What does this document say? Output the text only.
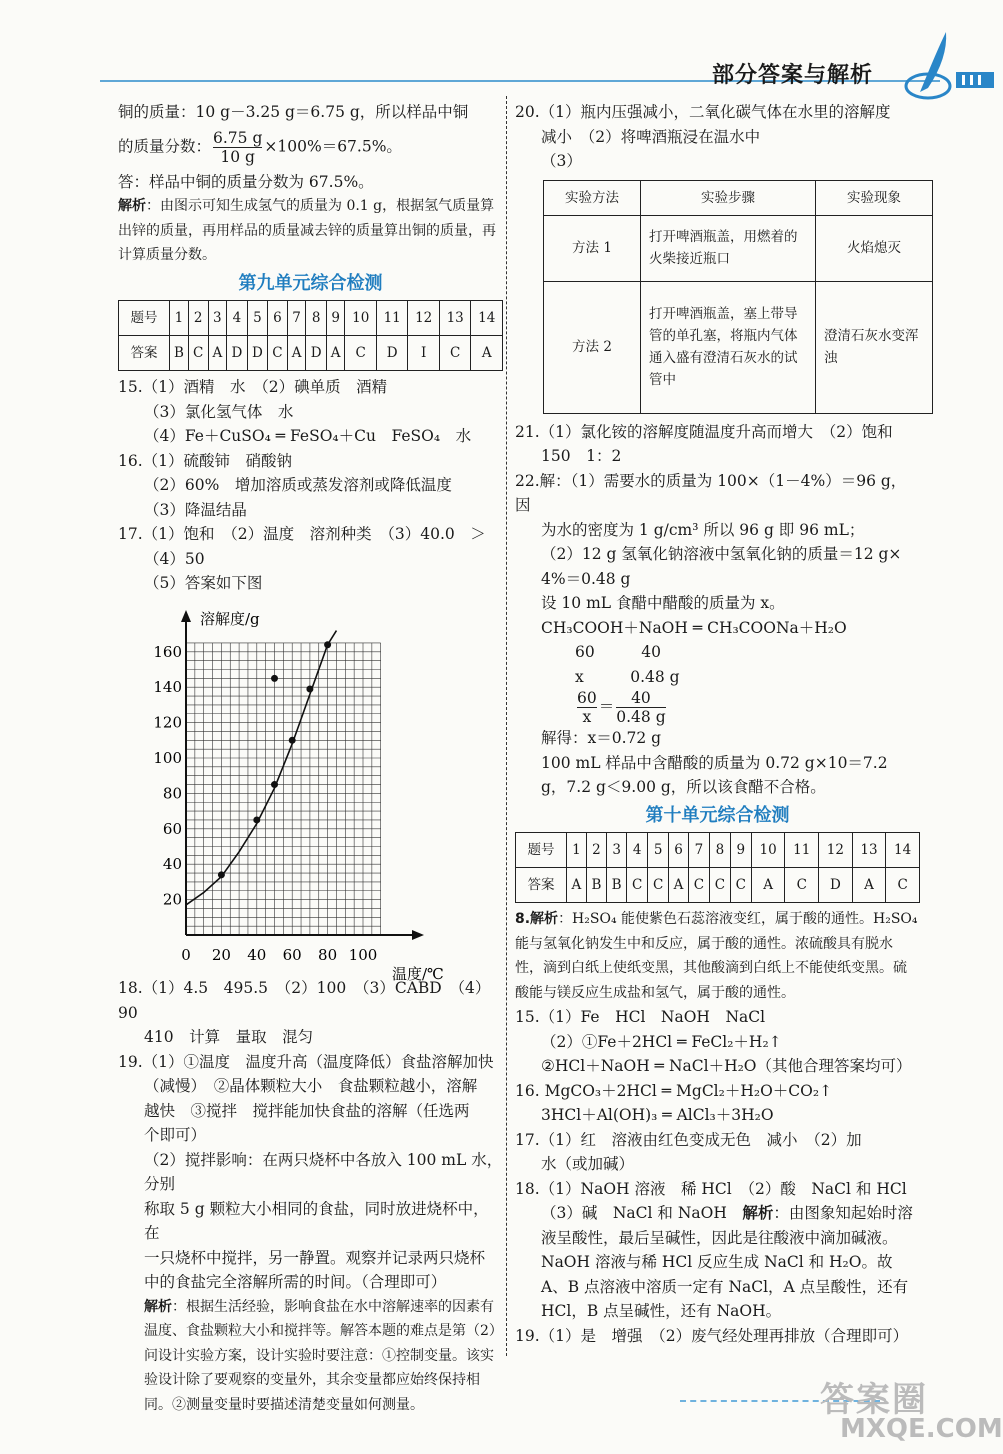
部分答案与解析

铜的质量：10 g－3.25 g＝6.75 g，所以样品中铜

的质量分数： $\frac{6.75 g}{10 g} \times 100\%=67.5\%$。

答：样品中铜的质量分数为 67.5%。

解析：由图示可知生成氢气的质量为 0.1 g，根据氢气质量算出锌的质量，再用样品的质量减去锌的质量算出铜的质量，再计算质量分数。

第九单元综合检测
题号	1	2	3	4	5	6	7	8	9	10	11	12	13	14
答案	B	C	A	D	D	C	A	D	A	C	D	I	C	A

15.（1）酒精　水　（2）碘单质　酒精

（3）氯化氢气体　水

（4）Fe＋CuSO₄ ═ FeSO₄＋Cu　FeSO₄　水

16.（1）硫酸铈　硝酸钠

（2）60%　增加溶质或蒸发溶剂或降低温度

（3）降温结晶

17.（1）饱和　（2）温度　溶剂种类　（3）40.0　＞

（4）50

（5）答案如下图

0 20 40 60 80 100
20
40
60
80
100
120
140
160
溶解度/g
温度/℃

18.（1）4.5　495.5　（2）100　（3）CABD　（4）90

410　计算　量取　混匀

19.（1）①温度　温度升高（温度降低）食盐溶解加快

（减慢）　②晶体颗粒大小　食盐颗粒越小，溶解

越快　③搅拌　搅拌能加快食盐的溶解（任选两

个即可）

（2）搅拌影响：在两只烧杯中各放入 100 mL 水，分别

称取 5 g 颗粒大小相同的食盐，同时放进烧杯中，在

一只烧杯中搅拌，另一静置。观察并记录两只烧杯

中的食盐完全溶解所需的时间。（合理即可）

解析：根据生活经验，影响食盐在水中溶解速率的因素有温度、食盐颗粒大小和搅拌等。解答本题的难点是第（2）问设计实验方案，设计实验时要注意：①控制变量。该实验设计除了要观察的变量外，其余变量都应始终保持相同。②测量变量时要描述清楚变量如何测量。

20.（1）瓶内压强减小，二氧化碳气体在水里的溶解度

减小　（2）将啤酒瓶浸在温水中

（3）

实验方法	实验步骤	实验现象
方法 1	打开啤酒瓶盖，用燃着的火柴接近瓶口	火焰熄灭
方法 2	打开啤酒瓶盖，塞上带导管的单孔塞，将瓶内气体通入盛有澄清石灰水的试管中	澄清石灰水变浑浊

21.（1）氯化铵的溶解度随温度升高而增大　（2）饱和

150　1：2

22.解：（1）需要水的质量为 100×（1－4%）＝96 g，因

为水的密度为 1 g/cm³ 所以 96 g 即 96 mL；

（2）12 g 氢氧化钠溶液中氢氧化钠的质量＝12 g×

4%＝0.48 g

设 10 mL 食醋中醋酸的质量为 x。

CH₃COOH＋NaOH ═ CH₃COONa＋H₂O

60　　　40

x　　　0.48 g

$\frac{60}{x} = \frac{40}{0.48 g}$

解得：x＝0.72 g

100 mL 样品中含醋酸的质量为 0.72 g×10＝7.2

g，7.2 g＜9.00 g，所以该食醋不合格。

第十单元综合检测
题号	1	2	3	4	5	6	7	8	9	10	11	12	13	14
答案	A	B	B	C	C	A	C	C	C	A	C	D	A	C

8.解析：H₂SO₄ 能使紫色石蕊溶液变红，属于酸的通性。H₂SO₄ 能与氢氧化钠发生中和反应，属于酸的通性。浓硫酸具有脱水性，滴到白纸上使纸变黑，其他酸滴到白纸上不能使纸变黑。硫酸能与镁反应生成盐和氢气，属于酸的通性。

15.（1）Fe　HCl　NaOH　NaCl

（2）①Fe＋2HCl ═ FeCl₂＋H₂↑

②HCl＋NaOH ═ NaCl＋H₂O（其他合理答案均可）

16. MgCO₃＋2HCl ═ MgCl₂＋H₂O＋CO₂↑

3HCl＋Al(OH)₃ ═ AlCl₃＋3H₂O

17.（1）红　溶液由红色变成无色　减小　（2）加

水（或加碱）

18.（1）NaOH 溶液　稀 HCl　（2）酸　NaCl 和 HCl

（3）碱　NaCl 和 NaOH　 解析：由图象知起始时溶液呈酸性，最后呈碱性，因此是往酸液中滴加碱液。NaOH 溶液与稀 HCl 反应生成 NaCl 和 H₂O。故 A、B 点溶液中溶质一定有 NaCl，A 点呈酸性，还有 HCl，B 点呈碱性，还有 NaOH。

19.（1）是　增强　（2）废气经处理再排放（合理即可）

答案圈
MXQE.COM
